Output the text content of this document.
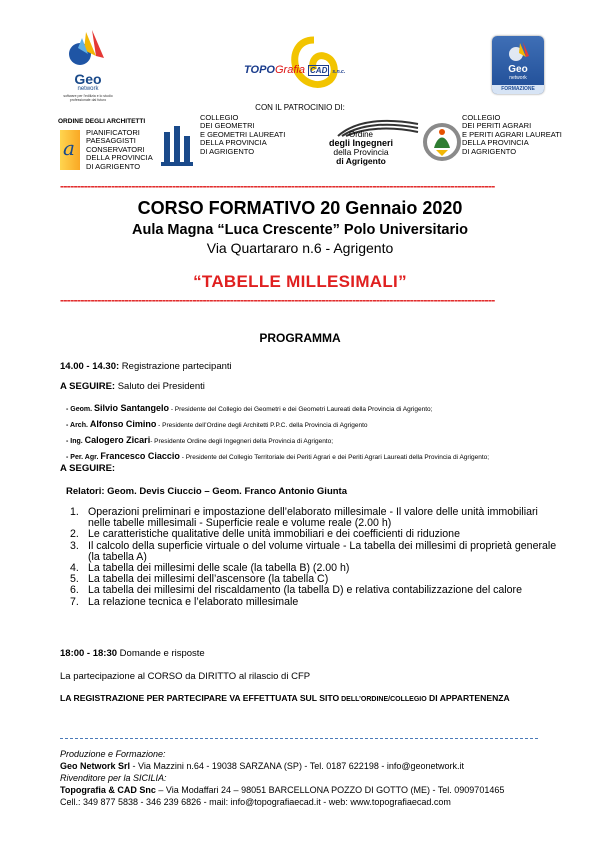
Geo
network
software per l'edilizia e lo studio professionale dal futuro
TOPOGrafia CAD s.n.c.	Geo
network
FORMAZIONE
CON IL PATROCINIO DI:
ORDINE DEGLI ARCHITETTI
a
PIANIFICATORI
PAESAGGISTI
CONSERVATORI
DELLA PROVINCIA
DI AGRIGENTO
COLLEGIO
DEI GEOMETRI
E GEOMETRI LAUREATI
DELLA PROVINCIA
DI AGRIGENTO
Ordine
degli Ingegneri
della Provincia
di Agrigento
COLLEGIO
DEI PERITI AGRARI
E PERITI AGRARI LAUREATI
DELLA PROVINCIA
DI AGRIGENTO
--------------------------------------------------------------------------------------------------------------------------------
CORSO FORMATIVO 20 Gennaio 2020
Aula Magna “Luca Crescente” Polo Universitario
Via Quartararo n.6 - Agrigento
“TABELLE MILLESIMALI”
--------------------------------------------------------------------------------------------------------------------------------
PROGRAMMA
14.00 - 14.30: Registrazione partecipanti
A SEGUIRE: Saluto dei Presidenti
- Geom. Silvio Santangelo - Presidente del Collegio dei Geometri e dei Geometri Laureati della Provincia di Agrigento;
- Arch. Alfonso Cimino - Presidente dell’Ordine degli Architetti P.P.C. della Provincia di Agrigento
- Ing. Calogero Zicari- Presidente Ordine degli Ingegneri della Provincia di Agrigento;
- Per. Agr. Francesco Ciaccio - Presidente del Collegio Territoriale dei Periti Agrari e dei Periti Agrari Laureati della Provincia di Agrigento;
A SEGUIRE:
Relatori: Geom. Devis Ciuccio – Geom. Franco Antonio Giunta
1. Operazioni preliminari e impostazione dell’elaborato millesimale - Il valore delle unità immobiliari nelle tabelle millesimali - Superficie reale e volume reale (2.00 h)
2. Le caratteristiche qualitative delle unità immobiliari e dei coefficienti di riduzione
3. Il calcolo della superficie virtuale o del volume virtuale - La tabella dei millesimi di proprietà generale (la tabella A)
4. La tabella dei millesimi delle scale (la tabella B) (2.00 h)
5. La tabella dei millesimi dell’ascensore (la tabella C)
6. La tabella dei millesimi del riscaldamento (la tabella D) e relativa contabilizzazione del calore
7. La relazione tecnica e l’elaborato millesimale
18:00 - 18:30 Domande e risposte
La partecipazione al CORSO da DIRITTO al rilascio di CFP
LA REGISTRAZIONE PER PARTECIPARE VA EFFETTUATA SUL SITO DELL’ORDINE/COLLEGIO DI APPARTENENZA
Produzione e Formazione:
Geo Network Srl - Via Mazzini n.64 - 19038 SARZANA (SP) - Tel. 0187 622198 - info@geonetwork.it
Rivenditore per la SICILIA:
Topografia & CAD Snc – Via Modaffari 24 – 98051 BARCELLONA POZZO DI GOTTO (ME) - Tel. 0909701465
Cell.: 349 877 5838 - 346 239 6826 - mail: info@topografiaecad.it - web: www.topografiaecad.com
